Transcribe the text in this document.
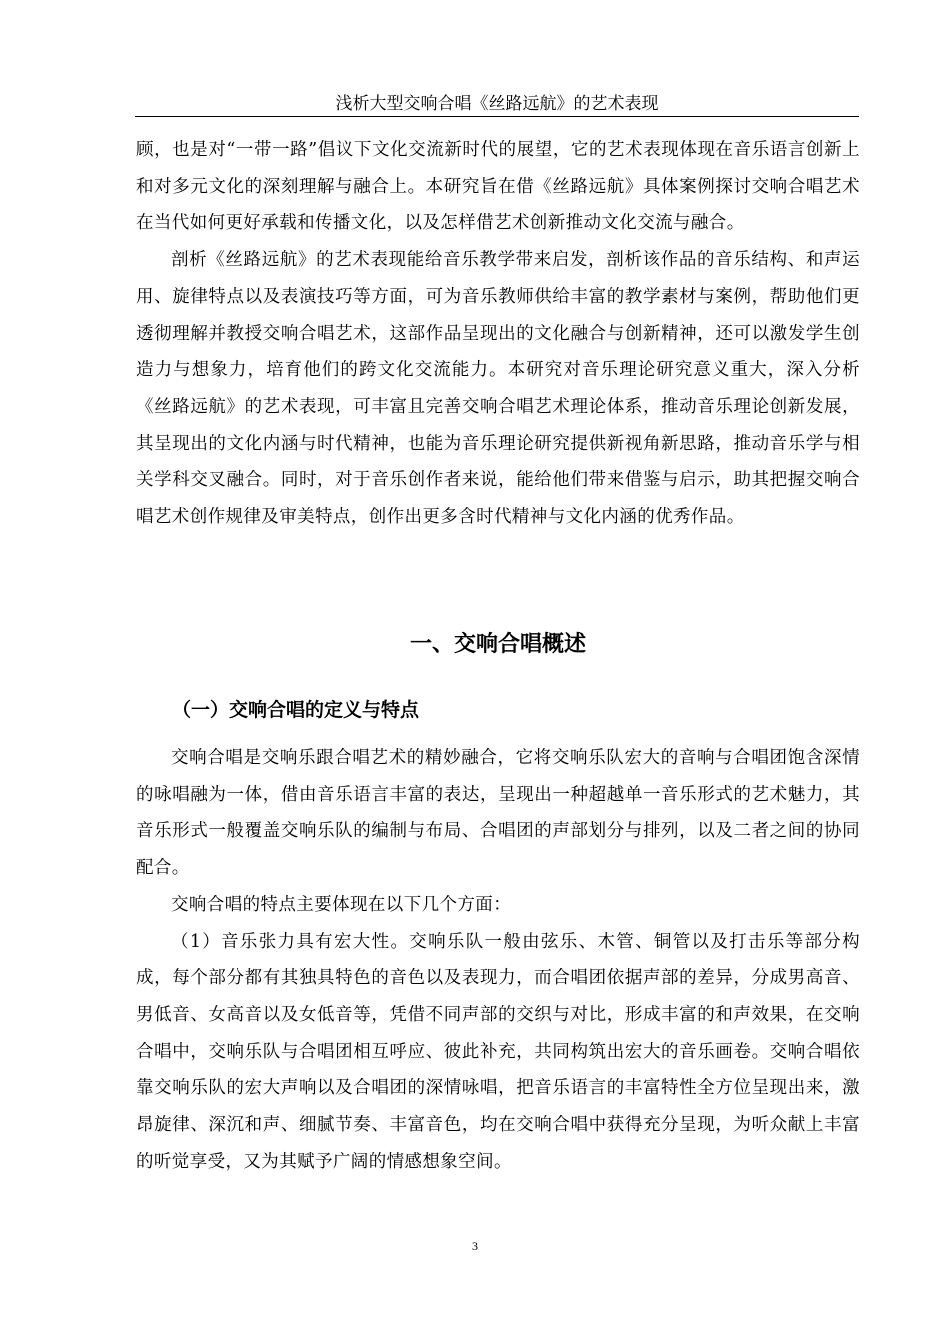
浅析大型交响合唱《丝路远航》的艺术表现

顾，也是对“一带一路”倡议下文化交流新时代的展望，它的艺术表现体现在音乐语言创新上和对多元文化的深刻理解与融合上。本研究旨在借《丝路远航》具体案例探讨交响合唱艺术在当代如何更好承载和传播文化，以及怎样借艺术创新推动文化交流与融合。

剖析《丝路远航》的艺术表现能给音乐教学带来启发，剖析该作品的音乐结构、和声运用、旋律特点以及表演技巧等方面，可为音乐教师供给丰富的教学素材与案例，帮助他们更透彻理解并教授交响合唱艺术，这部作品呈现出的文化融合与创新精神，还可以激发学生创造力与想象力，培育他们的跨文化交流能力。本研究对音乐理论研究意义重大，深入分析《丝路远航》的艺术表现，可丰富且完善交响合唱艺术理论体系，推动音乐理论创新发展，其呈现出的文化内涵与时代精神，也能为音乐理论研究提供新视角新思路，推动音乐学与相关学科交叉融合。同时，对于音乐创作者来说，能给他们带来借鉴与启示，助其把握交响合唱艺术创作规律及审美特点，创作出更多含时代精神与文化内涵的优秀作品。

一、交响合唱概述
（一）交响合唱的定义与特点

交响合唱是交响乐跟合唱艺术的精妙融合，它将交响乐队宏大的音响与合唱团饱含深情的咏唱融为一体，借由音乐语言丰富的表达，呈现出一种超越单一音乐形式的艺术魅力，其音乐形式一般覆盖交响乐队的编制与布局、合唱团的声部划分与排列，以及二者之间的协同配合。

交响合唱的特点主要体现在以下几个方面：

（1）音乐张力具有宏大性。交响乐队一般由弦乐、木管、铜管以及打击乐等部分构成，每个部分都有其独具特色的音色以及表现力，而合唱团依据声部的差异，分成男高音、男低音、女高音以及女低音等，凭借不同声部的交织与对比，形成丰富的和声效果，在交响合唱中，交响乐队与合唱团相互呼应、彼此补充，共同构筑出宏大的音乐画卷。交响合唱依靠交响乐队的宏大声响以及合唱团的深情咏唱，把音乐语言的丰富特性全方位呈现出来，激昂旋律、深沉和声、细腻节奏、丰富音色，均在交响合唱中获得充分呈现，为听众献上丰富的听觉享受，又为其赋予广阔的情感想象空间。

3
